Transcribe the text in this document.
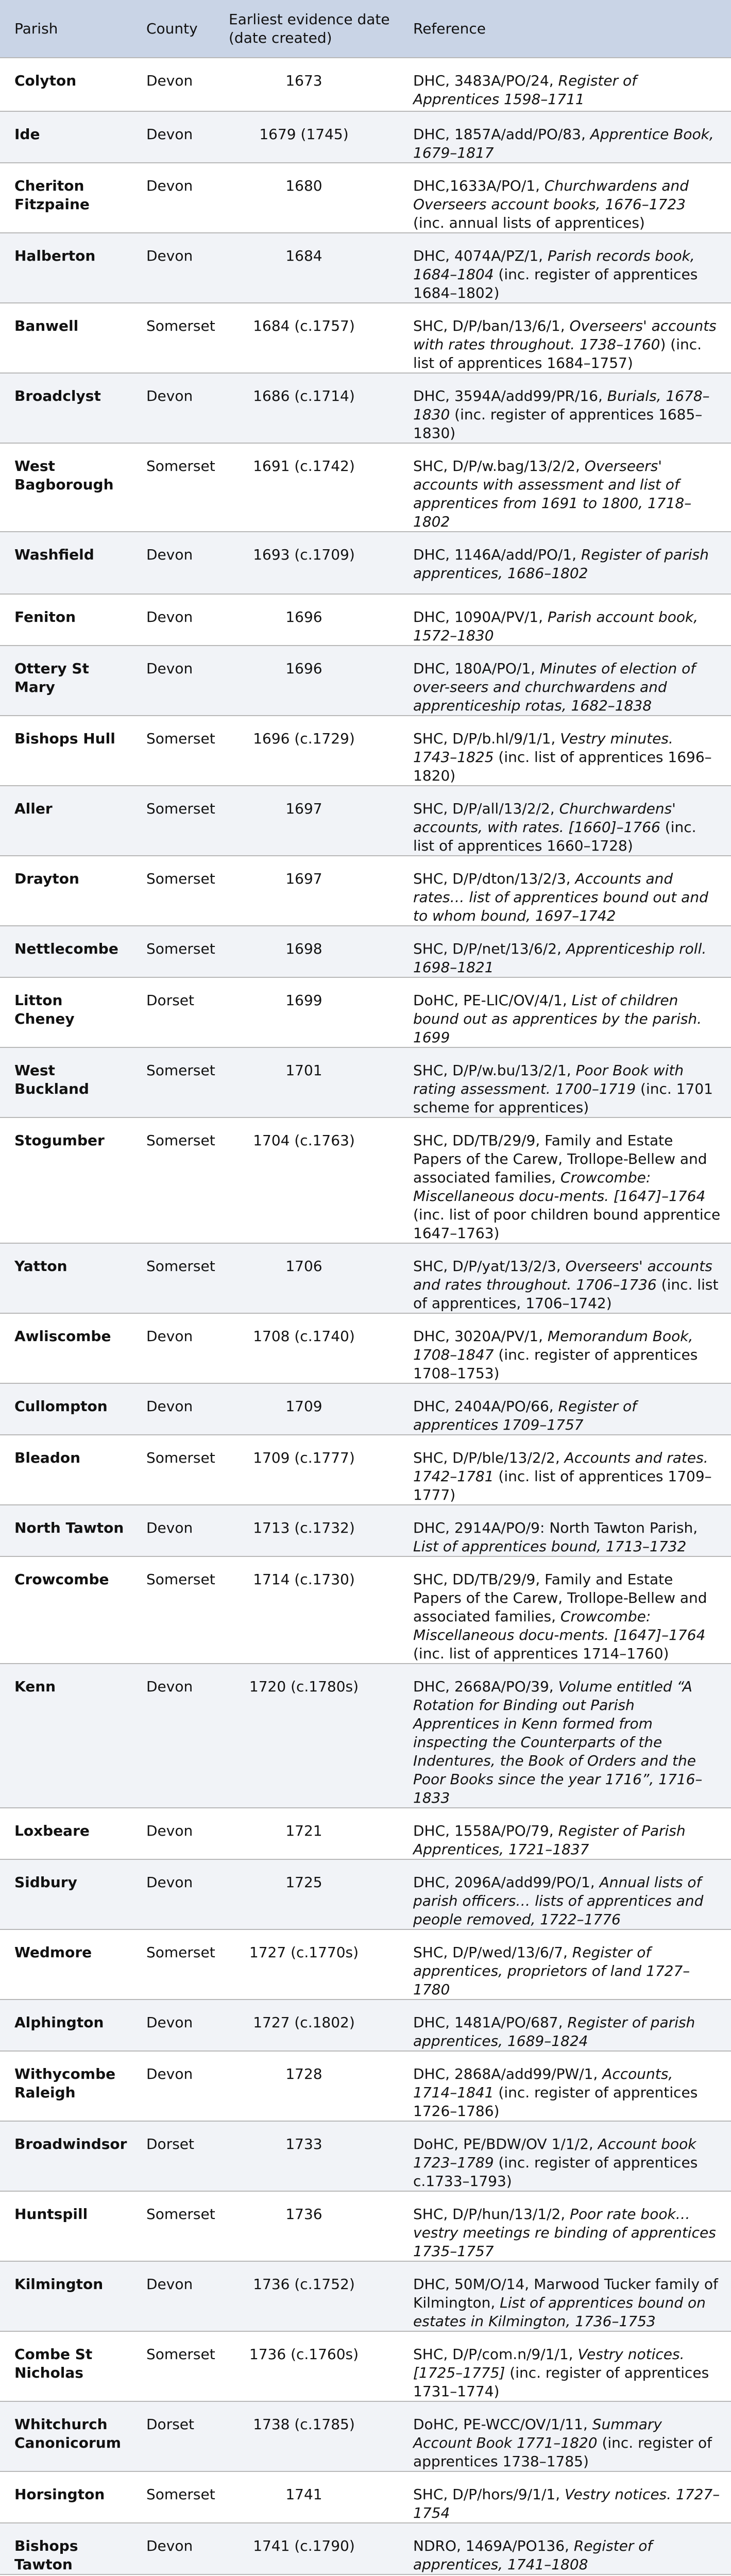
Parish	County	Earliest evidence date (date created)	Reference
Colyton	Devon	1673	DHC, 3483A/PO/24, Register of Apprentices 1598–1711
Ide	Devon	1679 (1745)	DHC, 1857A/add/PO/83, Apprentice Book, 1679–1817
Cheriton Fitzpaine	Devon	1680	DHC,1633A/PO/1, Churchwardens and Overseers account books, 1676–1723 (inc. annual lists of apprentices)
Halberton	Devon	1684	DHC, 4074A/PZ/1, Parish records book, 1684–1804 (inc. register of apprentices 1684–1802)
Banwell	Somerset	1684 (c.1757)	SHC, D/P/ban/13/6/1, Overseers' accounts with rates throughout. 1738–1760) (inc. list of apprentices 1684–1757)
Broadclyst	Devon	1686 (c.1714)	DHC, 3594A/add99/PR/16, Burials, 1678–1830 (inc. register of apprentices 1685–1830)
West Bagborough	Somerset	1691 (c.1742)	SHC, D/P/w.bag/13/2/2, Overseers' accounts with assessment and list of apprentices from 1691 to 1800, 1718–1802
Washfield	Devon	1693 (c.1709)	DHC, 1146A/add/PO/1, Register of parish apprentices, 1686–1802
Feniton	Devon	1696	DHC, 1090A/PV/1, Parish account book, 1572–1830
Ottery St Mary	Devon	1696	DHC, 180A/PO/1, Minutes of election of over-seers and churchwardens and apprenticeship rotas, 1682–1838
Bishops Hull	Somerset	1696 (c.1729)	SHC, D/P/b.hl/9/1/1, Vestry minutes. 1743–1825 (inc. list of apprentices 1696–1820)
Aller	Somerset	1697	SHC, D/P/all/13/2/2, Churchwardens' accounts, with rates. [1660]–1766 (inc. list of apprentices 1660–1728)
Drayton	Somerset	1697	SHC, D/P/dton/13/2/3, Accounts and rates… list of apprentices bound out and to whom bound, 1697–1742
Nettlecombe	Somerset	1698	SHC, D/P/net/13/6/2, Apprenticeship roll. 1698–1821
Litton Cheney	Dorset	1699	DoHC, PE-LIC/OV/4/1, List of children bound out as apprentices by the parish. 1699
West Buckland	Somerset	1701	SHC, D/P/w.bu/13/2/1, Poor Book with rating assessment. 1700–1719 (inc. 1701 scheme for apprentices)
Stogumber	Somerset	1704 (c.1763)	SHC, DD/TB/29/9, Family and Estate Papers of the Carew, Trollope-Bellew and associated families, Crowcombe: Miscellaneous docu-ments. [1647]–1764 (inc. list of poor children bound apprentice 1647–1763)
Yatton	Somerset	1706	SHC, D/P/yat/13/2/3, Overseers' accounts and rates throughout. 1706–1736 (inc. list of apprentices, 1706–1742)
Awliscombe	Devon	1708 (c.1740)	DHC, 3020A/PV/1, Memorandum Book, 1708–1847 (inc. register of apprentices 1708–1753)
Cullompton	Devon	1709	DHC, 2404A/PO/66, Register of apprentices 1709–1757
Bleadon	Somerset	1709 (c.1777)	SHC, D/P/ble/13/2/2, Accounts and rates. 1742–1781 (inc. list of apprentices 1709–1777)
North Tawton	Devon	1713 (c.1732)	DHC, 2914A/PO/9: North Tawton Parish, List of apprentices bound, 1713–1732
Crowcombe	Somerset	1714 (c.1730)	SHC, DD/TB/29/9, Family and Estate Papers of the Carew, Trollope-Bellew and associated families, Crowcombe: Miscellaneous docu-ments. [1647]–1764 (inc. list of apprentices 1714–1760)
Kenn	Devon	1720 (c.1780s)	DHC, 2668A/PO/39, Volume entitled “A Rotation for Binding out Parish Apprentices in Kenn formed from inspecting the Counterparts of the Indentures, the Book of Orders and the Poor Books since the year 1716”, 1716–1833
Loxbeare	Devon	1721	DHC, 1558A/PO/79, Register of Parish Apprentices, 1721–1837
Sidbury	Devon	1725	DHC, 2096A/add99/PO/1, Annual lists of parish officers… lists of apprentices and people removed, 1722–1776
Wedmore	Somerset	1727 (c.1770s)	SHC, D/P/wed/13/6/7, Register of apprentices, proprietors of land 1727–1780
Alphington	Devon	1727 (c.1802)	DHC, 1481A/PO/687, Register of parish apprentices, 1689–1824
Withycombe Raleigh	Devon	1728	DHC, 2868A/add99/PW/1, Accounts, 1714–1841 (inc. register of apprentices 1726–1786)
Broadwindsor	Dorset	1733	DoHC, PE/BDW/OV 1/1/2, Account book 1723–1789 (inc. register of apprentices c.1733–1793)
Huntspill	Somerset	1736	SHC, D/P/hun/13/1/2, Poor rate book… vestry meetings re binding of apprentices 1735–1757
Kilmington	Devon	1736 (c.1752)	DHC, 50M/O/14, Marwood Tucker family of Kilmington, List of apprentices bound on estates in Kilmington, 1736–1753
Combe St Nicholas	Somerset	1736 (c.1760s)	SHC, D/P/com.n/9/1/1, Vestry notices. [1725–1775] (inc. register of apprentices 1731–1774)
Whitchurch Canonicorum	Dorset	1738 (c.1785)	DoHC, PE-WCC/OV/1/11, Summary Account Book 1771–1820 (inc. register of apprentices 1738–1785)
Horsington	Somerset	1741	SHC, D/P/hors/9/1/1, Vestry notices. 1727–1754
Bishops Tawton	Devon	1741 (c.1790)	NDRO, 1469A/PO136, Register of apprentices, 1741–1808
